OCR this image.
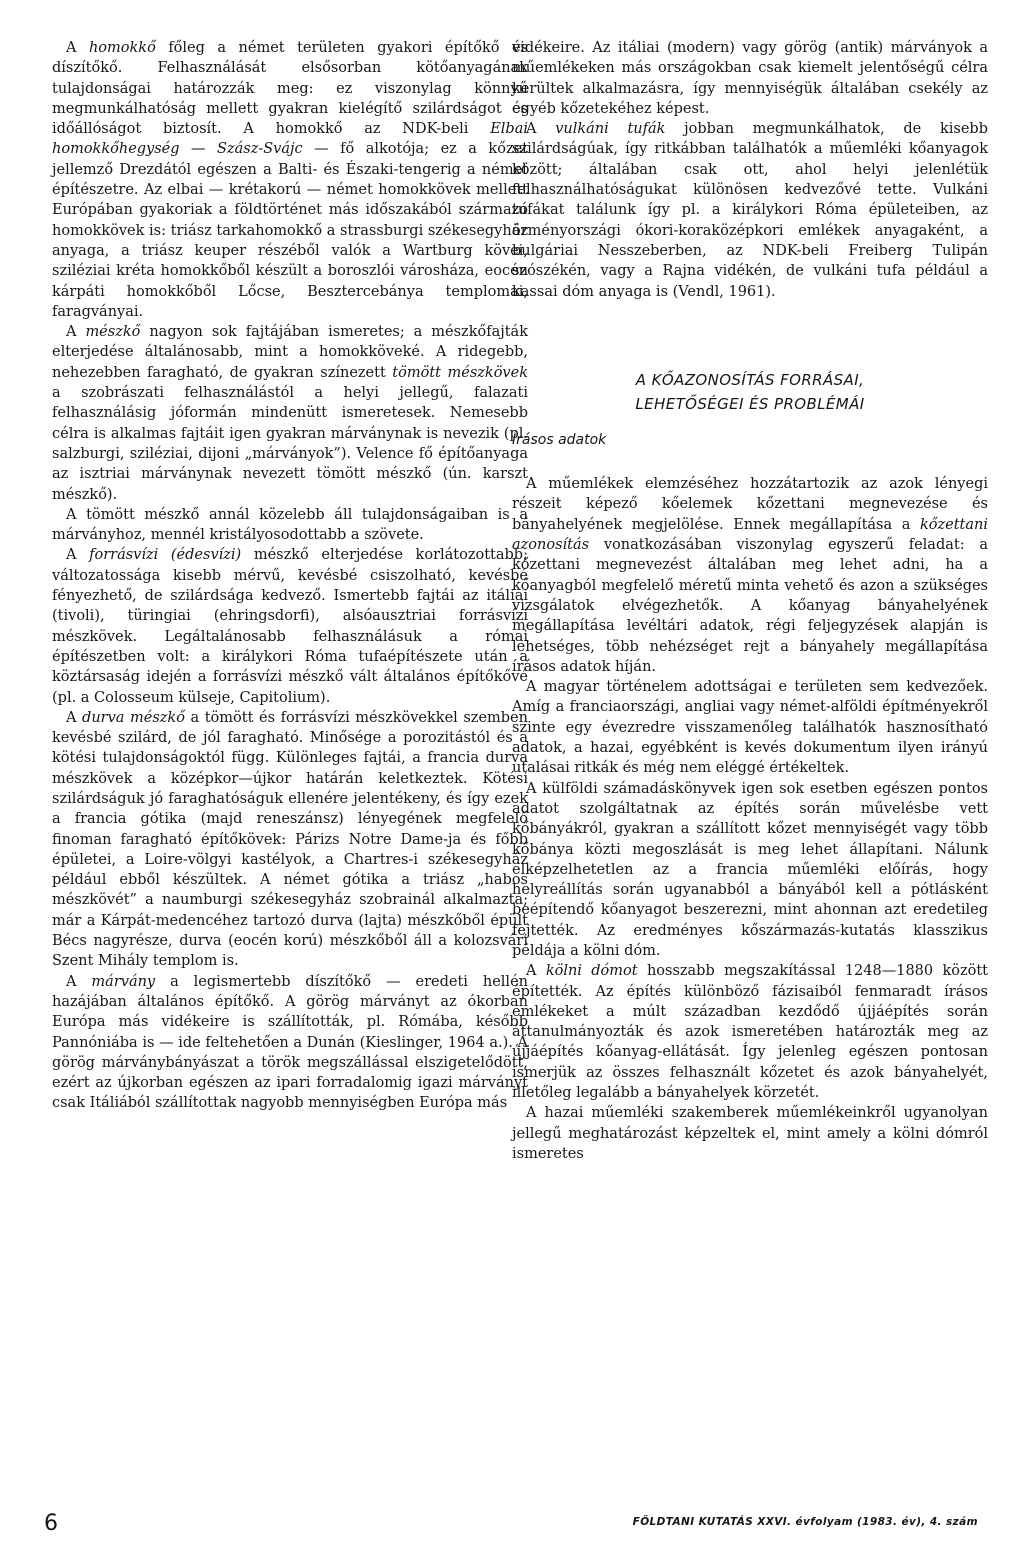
A homokkő főleg a német területen gyakori építőkő és díszítőkő. Felhasználását elsősorban kötőanyagának tulajdonságai határozzák meg: ez viszonylag könnyű megmunkálhatóság mellett gyakran kielégítő szilárdságot és időállóságot biztosít. A homokkő az NDK-beli Elbai homokkőhegység — Szász-Svájc — fő alkotója; ez a kőzet jellemző Drezdától egészen a Balti- és Északi-tengerig a német építészetre. Az elbai — krétakorú — német homokkövek mellett Európában gyakoriak a földtörténet más időszakából származó homokkövek is: triász tarkahomokkő a strassburgi székesegyház anyaga, a triász keuper részéből valók a Wartburg kövei, sziléziai kréta homokkőből készült a boroszlói városháza, eocén kárpáti homokkőből Lőcse, Besztercebánya templomai, faragványai.

A mészkő nagyon sok fajtájában ismeretes; a mészkőfajták elterjedése általánosabb, mint a homokköveké. A ridegebb, nehezebben faragható, de gyakran színezett tömött mészkövek a szobrászati felhasználástól a helyi jellegű, falazati felhasználásig jóformán mindenütt ismeretesek. Nemesebb célra is alkalmas fajtáit igen gyakran márványnak is nevezik (pl. salzburgi, sziléziai, dijoni „márványok”). Velence fő építőanyaga az isztriai márványnak nevezett tömött mészkő (ún. karszt mészkő).

A tömött mészkő annál közelebb áll tulajdonságaiban is a márványhoz, mennél kristályosodottabb a szövete.

A forrásvízi (édesvízi) mészkő elterjedése korlátozottabb; változatossága kisebb mérvű, kevésbé csiszolható, kevésbé fényezhető, de szilárdsága kedvező. Ismertebb fajtái az itáliai (tivoli), türingiai (ehringsdorfi), alsóausztriai forrásvízi mészkövek. Legáltalánosabb felhasználásuk a római építészetben volt: a királykori Róma tufaépítészete után a köztársaság idején a forrásvízi mészkő vált általános építőkővé (pl. a Colosseum külseje, Capitolium).

A durva mészkő a tömött és forrásvízi mészkövekkel szemben kevésbé szilárd, de jól faragható. Minősége a porozitástól és a kötési tulajdonságoktól függ. Különleges fajtái, a francia durva mészkövek a középkor—újkor határán keletkeztek. Kötési szilárdságuk jó faraghatóságuk ellenére jelentékeny, és így ezek a francia gótika (majd reneszánsz) lényegének megfelelő finoman faragható építőkövek: Párizs Notre Dame-ja és főbb épületei, a Loire-völgyi kastélyok, a Chartres-i székesegyház például ebből készültek. A német gótika a triász „habos mészkövét” a naumburgi székesegyház szobrainál alkalmazta; már a Kárpát-medencéhez tartozó durva (lajta) mészkőből épült Bécs nagyrésze, durva (eocén korú) mészkőből áll a kolozsvári Szent Mihály templom is.

A márvány a legismertebb díszítőkő — eredeti hellén hazájában általános építőkő. A görög márványt az ókorban Európa más vidékeire is szállították, pl. Rómába, később Pannóniába is — ide feltehetően a Dunán (Kieslinger, 1964 a.). A görög márványbányászat a török megszállással elszigetelődött, ezért az újkorban egészen az ipari forradalomig igazi márványt csak Itáliából szállítottak nagyobb mennyiségben Európa más

vidékeire. Az itáliai (modern) vagy görög (antik) márványok a műemlékeken más országokban csak kiemelt jelentőségű célra kerültek alkalmazásra, így mennyiségük általában csekély az egyéb kőzetekéhez képest.

A vulkáni tufák jobban megmunkálhatok, de kisebb szilárdságúak, így ritkábban találhatók a műemléki kőanyagok között; általában csak ott, ahol helyi jelenlétük felhasználhatóságukat különösen kedvezővé tette. Vulkáni tufákat találunk így pl. a királykori Róma épületeiben, az örményországi ókori-koraközépkori emlékek anyagaként, a bulgáriai Nesszeberben, az NDK-beli Freiberg Tulipán szószékén, vagy a Rajna vidékén, de vulkáni tufa például a kassai dóm anyaga is (Vendl, 1961).

A KŐAZONOSÍTÁS FORRÁSAI,
LEHETŐSÉGEI ÉS PROBLÉMÁI
Írásos adatok

A műemlékek elemzéséhez hozzátartozik az azok lényegi részeit képező kőelemek kőzettani megnevezése és bányahelyének megjelölése. Ennek megállapítása a kőzettani azonosítás vonatkozásában viszonylag egyszerű feladat: a kőzettani megnevezést általában meg lehet adni, ha a kőanyagból megfelelő méretű minta vehető és azon a szükséges vizsgálatok elvégezhetők. A kőanyag bányahelyének megállapítása levéltári adatok, régi feljegyzések alapján is lehetséges, több nehézséget rejt a bányahely megállapítása írásos adatok híján.

A magyar történelem adottságai e területen sem kedvezőek. Amíg a franciaországi, angliai vagy német-alföldi építményekről szinte egy évezredre visszamenőleg találhatók hasznosítható adatok, a hazai, egyébként is kevés dokumentum ilyen irányú utalásai ritkák és még nem eléggé értékeltek.

A külföldi számadáskönyvek igen sok esetben egészen pontos adatot szolgáltatnak az építés során művelésbe vett kőbányákról, gyakran a szállított kőzet mennyiségét vagy több kőbánya közti megoszlását is meg lehet állapítani. Nálunk elképzelhetetlen az a francia műemléki előírás, hogy helyreállítás során ugyanabból a bányából kell a pótlásként beépítendő kőanyagot beszerezni, mint ahonnan azt eredetileg fejtették. Az eredményes kőszármazás-kutatás klasszikus példája a kölni dóm.

A kölni dómot hosszabb megszakítással 1248—1880 között építették. Az építés különböző fázisaiból fenmaradt írásos emlékeket a múlt században kezdődő újjáépítés során áttanulmányozták és azok ismeretében határozták meg az újjáépítés kőanyag-ellátását. Így jelenleg egészen pontosan ismerjük az összes felhasznált kőzetet és azok bányahelyét, illetőleg legalább a bányahelyek körzetét.

A hazai műemléki szakemberek műemlékeinkről ugyanolyan jellegű meghatározást képzeltek el, mint amely a kölni dómról ismeretes

6	FÖLDTANI KUTATÁS XXVI. évfolyam (1983. év), 4. szám
